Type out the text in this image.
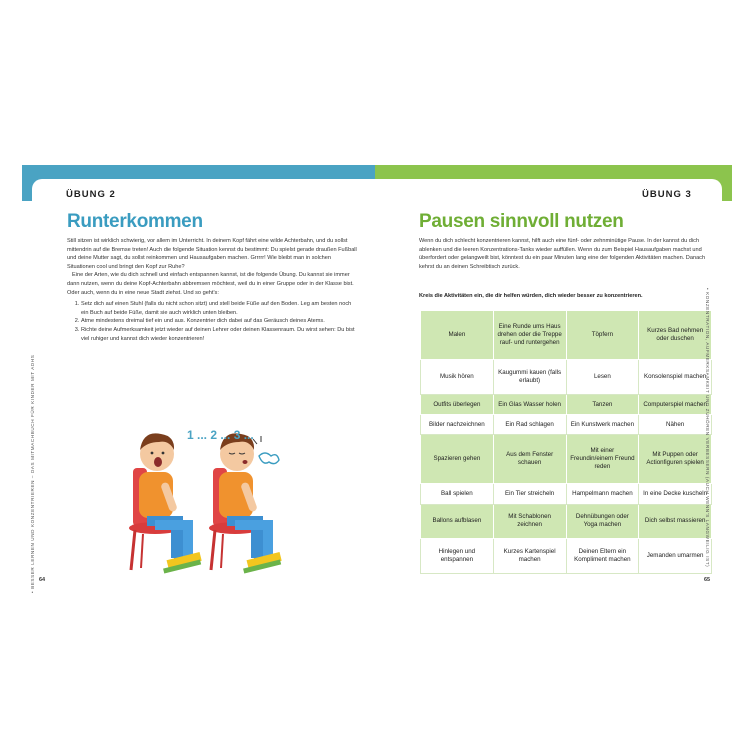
ÜBUNG 2	ÜBUNG 3
Runterkommen	Pausen sinnvoll nutzen

Still sitzen ist wirklich schwierig, vor allem im Unterricht. In deinem Kopf fährt eine wilde Achterbahn, und du sollst mittendrin auf die Bremse treten! Auch die folgende Situation kennst du bestimmt: Du spielst gerade draußen Fußball und deine Mutter sagt, du sollst reinkommen und Hausaufgaben machen. Grrrrr! Wie bleibt man in solchen Situationen cool und bringt den Kopf zur Ruhe?

Eine der Arten, wie du dich schnell und einfach entspannen kannst, ist die folgende Übung. Du kannst sie immer dann nutzen, wenn du deine Kopf-Achterbahn abbremsen möchtest, weil du in einer Gruppe oder in der Klasse bist. Oder auch, wenn du in eine neue Stadt ziehst. Und so geht's:

1. Setz dich auf einen Stuhl (falls du nicht schon sitzt) und stell beide Füße auf den Boden. Leg am besten noch ein Buch auf beide Füße, damit sie auch wirklich unten bleiben.
2. Atme mindestens dreimal tief ein und aus. Konzentrier dich dabei auf das Geräusch deines Atems.
3. Richte deine Aufmerksamkeit jetzt wieder auf deinen Lehrer oder deinen Klassenraum. Du wirst sehen: Du bist viel ruhiger und kannst dich wieder konzentrieren!

Wenn du dich schlecht konzentrieren kannst, hilft auch eine fünf- oder zehnminütige Pause. In der kannst du dich ablenken und die leeren Konzentrations-Tanks wieder auffüllen. Wenn du zum Beispiel Hausaufgaben machst und überfordert oder gelangweilt bist, könntest du ein paar Minuten lang eine der folgenden Aktivitäten machen. Danach kehrst du an deinen Schreibtisch zurück.

Kreis die Aktivitäten ein, die dir helfen würden, dich wieder besser zu konzentrieren.
Malen	Eine Runde ums Haus drehen oder die Treppe rauf- und runtergehen	Töpfern	Kurzes Bad nehmen oder duschen
Musik hören	Kaugummi kauen (falls erlaubt)	Lesen	Konsolenspiel machen
Outfits überlegen	Ein Glas Wasser holen	Tanzen	Computerspiel machen
Bilder nachzeichnen	Ein Rad schlagen	Ein Kunstwerk machen	Nähen
Spazieren gehen	Aus dem Fenster schauen	Mit einer Freundin/einem Freund reden	Mit Puppen oder Actionfiguren spielen
Ball spielen	Ein Tier streicheln	Hampelmann machen	In eine Decke kuscheln
Ballons aufblasen	Mit Schablonen zeichnen	Dehnübungen oder Yoga machen	Dich selbst massieren
Hinlegen und entspannen	Kurzes Kartenspiel machen	Deinen Eltern ein Kompliment machen	Jemanden umarmen
1 ... 2 ... 3 ...
• BESSER LERNEN UND KONZENTRIEREN – DAS MITMACHBUCH FÜR KINDER MIT ADHS	• KONZENTRATION, AUFMERKSAMKEIT UND ZUHÖREN VERBESSERN (AUCH WENN'S LANGWEILIG IST)
64	65
